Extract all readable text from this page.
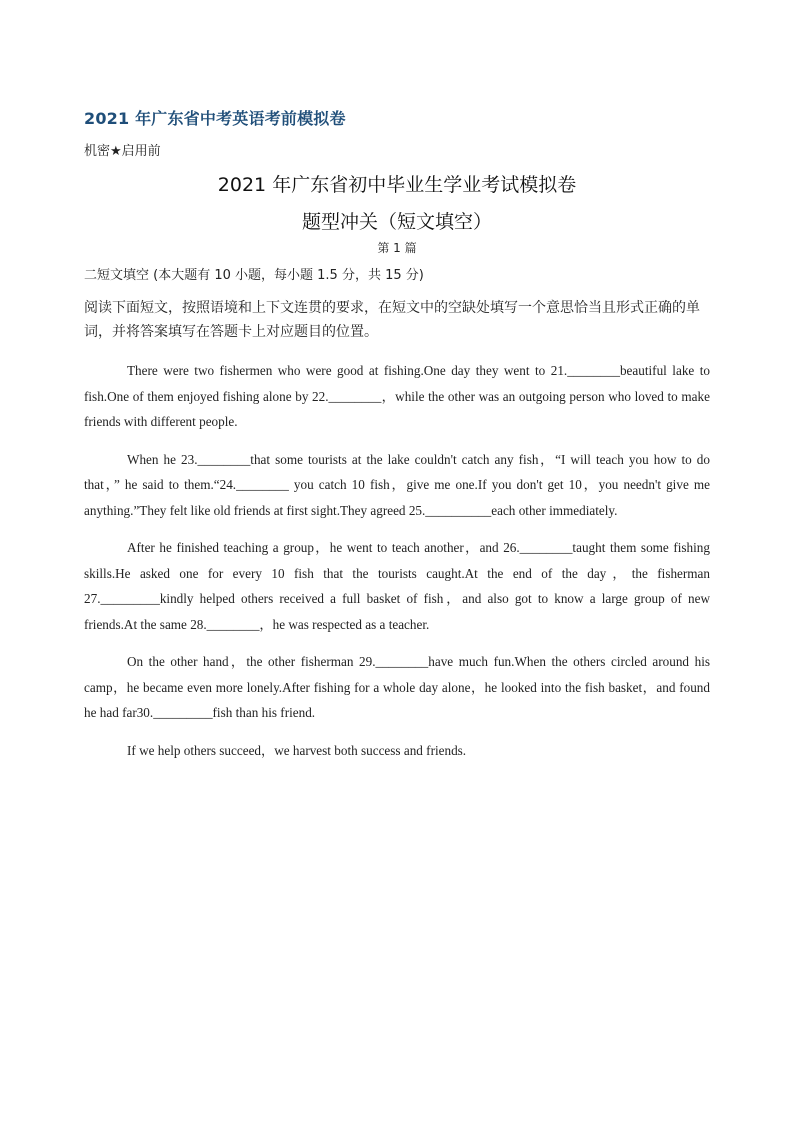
2021 年广东省中考英语考前模拟卷
机密★启用前
2021 年广东省初中毕业生学业考试模拟卷
题型冲关（短文填空）
第 1 篇
二短文填空 (本大题有 10 小题，每小题 1.5 分，共 15 分)
阅读下面短文，按照语境和上下文连贯的要求，在短文中的空缺处填写一个意思恰当且形式正确的单词，并将答案填写在答题卡上对应题目的位置。

There were two fishermen who were good at fishing.One day they went to 21.________beautiful lake to fish.One of them enjoyed fishing alone by 22.________，while the other was an outgoing person who loved to make friends with different people.

When he 23.________that some tourists at the lake couldn't catch any fish，“I will teach you how to do that，” he said to them.“24.________ you catch 10 fish，give me one.If you don't get 10，you needn't give me anything.”They felt like old friends at first sight.They agreed 25.__________each other immediately.

After he finished teaching a group，he went to teach another，and 26.________taught them some fishing skills.He asked one for every 10 fish that the tourists caught.At the end of the day，the fisherman 27._________kindly helped others received a full basket of fish，and also got to know a large group of new friends.At the same 28.________，he was respected as a teacher.

On the other hand，the other fisherman 29.________have much fun.When the others circled around his camp，he became even more lonely.After fishing for a whole day alone，he looked into the fish basket，and found he had far30._________fish than his friend.

If we help others succeed，we harvest both success and friends.
